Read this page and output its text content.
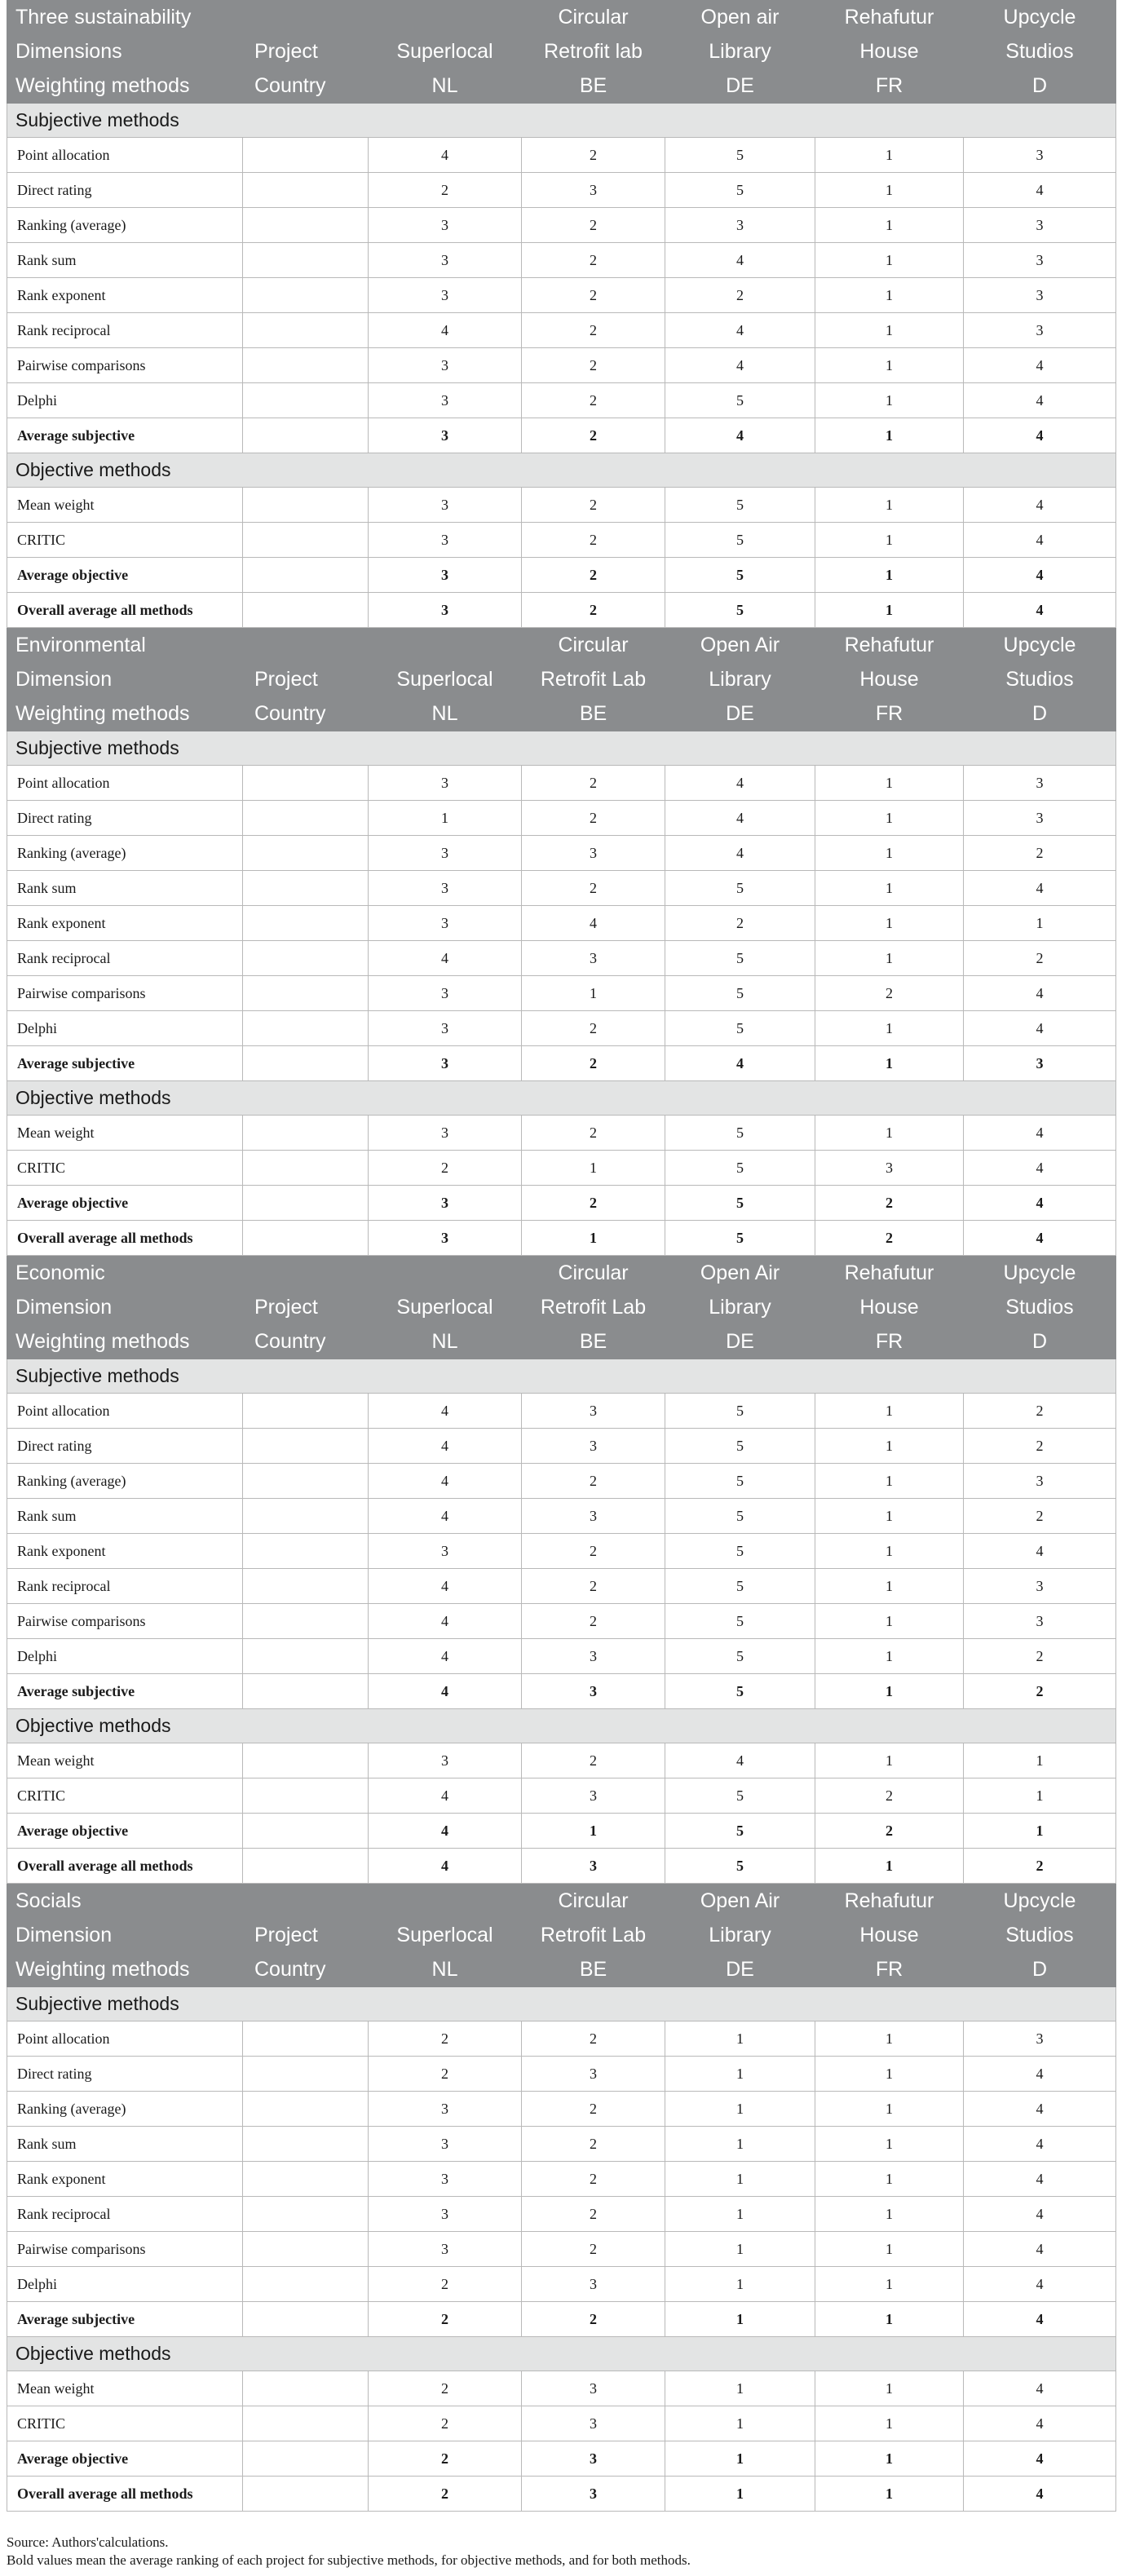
Three sustainability			Circular	Open air	Rehafutur	Upcycle
Dimensions	Project	Superlocal	Retrofit lab	Library	House	Studios
Weighting methods	Country	NL	BE	DE	FR	D
Subjective methods						
Point allocation		4	2	5	1	3
Direct rating		2	3	5	1	4
Ranking (average)		3	2	3	1	3
Rank sum		3	2	4	1	3
Rank exponent		3	2	2	1	3
Rank reciprocal		4	2	4	1	3
Pairwise comparisons		3	2	4	1	4
Delphi		3	2	5	1	4
Average subjective		3	2	4	1	4
Objective methods						
Mean weight		3	2	5	1	4
CRITIC		3	2	5	1	4
Average objective		3	2	5	1	4
Overall average all methods		3	2	5	1	4
Environmental			Circular	Open Air	Rehafutur	Upcycle
Dimension	Project	Superlocal	Retrofit Lab	Library	House	Studios
Weighting methods	Country	NL	BE	DE	FR	D
Subjective methods						
Point allocation		3	2	4	1	3
Direct rating		1	2	4	1	3
Ranking (average)		3	3	4	1	2
Rank sum		3	2	5	1	4
Rank exponent		3	4	2	1	1
Rank reciprocal		4	3	5	1	2
Pairwise comparisons		3	1	5	2	4
Delphi		3	2	5	1	4
Average subjective		3	2	4	1	3
Objective methods						
Mean weight		3	2	5	1	4
CRITIC		2	1	5	3	4
Average objective		3	2	5	2	4
Overall average all methods		3	1	5	2	4
Economic			Circular	Open Air	Rehafutur	Upcycle
Dimension	Project	Superlocal	Retrofit Lab	Library	House	Studios
Weighting methods	Country	NL	BE	DE	FR	D
Subjective methods						
Point allocation		4	3	5	1	2
Direct rating		4	3	5	1	2
Ranking (average)		4	2	5	1	3
Rank sum		4	3	5	1	2
Rank exponent		3	2	5	1	4
Rank reciprocal		4	2	5	1	3
Pairwise comparisons		4	2	5	1	3
Delphi		4	3	5	1	2
Average subjective		4	3	5	1	2
Objective methods						
Mean weight		3	2	4	1	1
CRITIC		4	3	5	2	1
Average objective		4	1	5	2	1
Overall average all methods		4	3	5	1	2
Socials			Circular	Open Air	Rehafutur	Upcycle
Dimension	Project	Superlocal	Retrofit Lab	Library	House	Studios
Weighting methods	Country	NL	BE	DE	FR	D
Subjective methods						
Point allocation		2	2	1	1	3
Direct rating		2	3	1	1	4
Ranking (average)		3	2	1	1	4
Rank sum		3	2	1	1	4
Rank exponent		3	2	1	1	4
Rank reciprocal		3	2	1	1	4
Pairwise comparisons		3	2	1	1	4
Delphi		2	3	1	1	4
Average subjective		2	2	1	1	4
Objective methods						
Mean weight		2	3	1	1	4
CRITIC		2	3	1	1	4
Average objective		2	3	1	1	4
Overall average all methods		2	3	1	1	4
Source: Authors'calculations.
Bold values mean the average ranking of each project for subjective methods, for objective methods, and for both methods.
